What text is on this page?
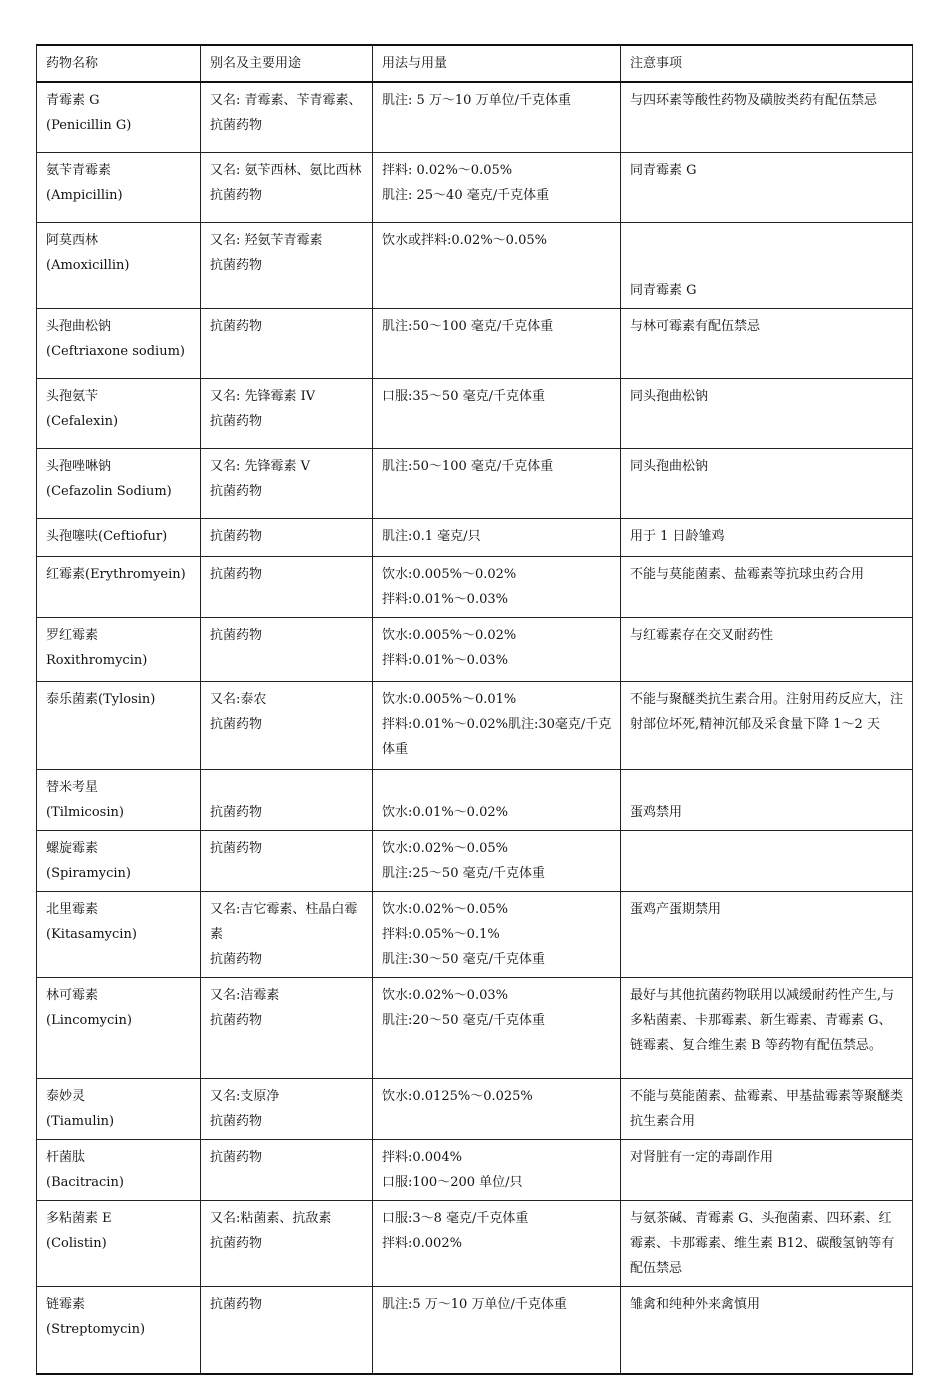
药物名称	别名及主要用途	用法与用量	注意事项

青霉素 G
(Penicillin G)	又名: 青霉素、苄青霉素、 抗菌药物	肌注: 5 万～10 万单位/千克体重	与四环素等酸性药物及磺胺类药有配伍禁忌

氨苄青霉素
(Ampicillin)	又名: 氨苄西林、氨比西林 抗菌药物	拌料: 0.02%～0.05%
肌注: 25～40 毫克/千克体重	同青霉素 G

阿莫西林
(Amoxicillin)	又名: 羟氨苄青霉素
抗菌药物	饮水或拌料:0.02%～0.05%	同青霉素 G

头孢曲松钠
(Ceftriaxone sodium)	抗菌药物	肌注:50～100 毫克/千克体重	与林可霉素有配伍禁忌

头孢氨苄
(Cefalexin)	又名: 先锋霉素 IV
抗菌药物	口服:35～50 毫克/千克体重	同头孢曲松钠

头孢唑啉钠
(Cefazolin Sodium)	又名: 先锋霉素 V
抗菌药物	肌注:50～100 毫克/千克体重	同头孢曲松钠

头孢噻呋(Ceftiofur)	抗菌药物	肌注:0.1 毫克/只	用于 1 日龄雏鸡

红霉素(Erythromyein)	抗菌药物	饮水:0.005%～0.02%
拌料:0.01%～0.03%	不能与莫能菌素、盐霉素等抗球虫药合用

罗红霉素
Roxithromycin)	抗菌药物	饮水:0.005%～0.02%
拌料:0.01%～0.03%	与红霉素存在交叉耐药性

泰乐菌素(Tylosin)	又名:泰农
抗菌药物	饮水:0.005%～0.01%
拌料:0.01%～0.02%肌注:30毫克/千克体重	不能与聚醚类抗生素合用。注射用药反应大，注射部位坏死,精神沉郁及采食量下降 1～2 天

替米考星
(Tilmicosin)	抗菌药物	饮水:0.01%～0.02%	蛋鸡禁用

螺旋霉素
(Spiramycin)	抗菌药物	饮水:0.02%～0.05%
肌注:25～50 毫克/千克体重	

北里霉素
(Kitasamycin)	又名:吉它霉素、柱晶白霉素
抗菌药物	饮水:0.02%～0.05%
拌料:0.05%～0.1%
肌注:30～50 毫克/千克体重	蛋鸡产蛋期禁用

林可霉素
(Lincomycin)	又名:洁霉素
抗菌药物	饮水:0.02%～0.03%
肌注:20～50 毫克/千克体重	最好与其他抗菌药物联用以减缓耐药性产生,与多粘菌素、卡那霉素、新生霉素、青霉素 G、链霉素、复合维生素 B 等药物有配伍禁忌。

泰妙灵
(Tiamulin)	又名:支原净
抗菌药物	饮水:0.0125%～0.025%	不能与莫能菌素、盐霉素、甲基盐霉素等聚醚类抗生素合用

杆菌肽
(Bacitracin)	抗菌药物	拌料:0.004%
口服:100～200 单位/只	对肾脏有一定的毒副作用

多粘菌素 E
(Colistin)	又名:粘菌素、抗敌素
抗菌药物	口服:3～8 毫克/千克体重
拌料:0.002%	与氨茶碱、青霉素 G、头孢菌素、四环素、红霉素、卡那霉素、维生素 B12、碳酸氢钠等有配伍禁忌

链霉素
(Streptomycin)	抗菌药物	肌注:5 万～10 万单位/千克体重	雏禽和纯种外来禽慎用
